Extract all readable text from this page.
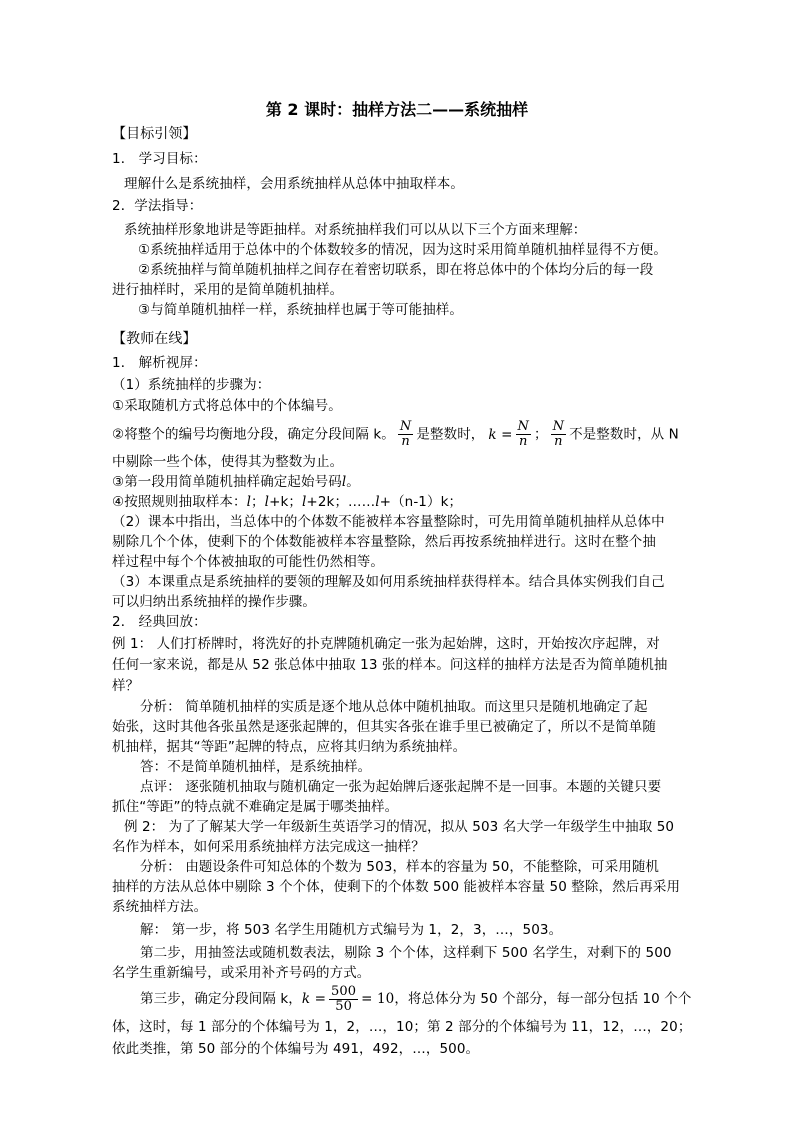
第 2 课时：抽样方法二——系统抽样
【目标引领】
1． 学习目标：
理解什么是系统抽样，会用系统抽样从总体中抽取样本。
2．学法指导：
系统抽样形象地讲是等距抽样。对系统抽样我们可以从以下三个方面来理解：
①系统抽样适用于总体中的个体数较多的情况，因为这时采用简单随机抽样显得不方便。
②系统抽样与简单随机抽样之间存在着密切联系，即在将总体中的个体均分后的每一段
进行抽样时，采用的是简单随机抽样。
③与简单随机抽样一样，系统抽样也属于等可能抽样。
【教师在线】
1． 解析视屏：
（1）系统抽样的步骤为：
①采取随机方式将总体中的个体编号。
②将整个的编号均衡地分段，确定分段间隔 k。 $\frac{N}{n}$ 是整数时， $k = \frac{N}{n}$ ； $\frac{N}{n}$ 不是整数时，从 N
中剔除一些个体，使得其为整数为止。
③第一段用简单随机抽样确定起始号码l。
④按照规则抽取样本：l；l+k；l+2k；……l+（n-1）k；
（2）课本中指出，当总体中的个体数不能被样本容量整除时，可先用简单随机抽样从总体中
剔除几个个体，使剩下的个体数能被样本容量整除，然后再按系统抽样进行。这时在整个抽
样过程中每个个体被抽取的可能性仍然相等。
（3）本课重点是系统抽样的要领的理解及如何用系统抽样获得样本。结合具体实例我们自己
可以归纳出系统抽样的操作步骤。
2． 经典回放：
例 1： 人们打桥牌时，将洗好的扑克牌随机确定一张为起始牌，这时，开始按次序起牌，对
任何一家来说，都是从 52 张总体中抽取 13 张的样本。问这样的抽样方法是否为简单随机抽
样？
分析： 简单随机抽样的实质是逐个地从总体中随机抽取。而这里只是随机地确定了起
始张，这时其他各张虽然是逐张起牌的，但其实各张在谁手里已被确定了，所以不是简单随
机抽样，据其“等距”起牌的特点，应将其归纳为系统抽样。
答：不是简单随机抽样，是系统抽样。
点评： 逐张随机抽取与随机确定一张为起始牌后逐张起牌不是一回事。本题的关键只要
抓住“等距”的特点就不难确定是属于哪类抽样。
例 2： 为了了解某大学一年级新生英语学习的情况，拟从 503 名大学一年级学生中抽取 50
名作为样本，如何采用系统抽样方法完成这一抽样？
分析： 由题设条件可知总体的个数为 503，样本的容量为 50，不能整除，可采用随机
抽样的方法从总体中剔除 3 个个体，使剩下的个体数 500 能被样本容量 50 整除，然后再采用
系统抽样方法。
解： 第一步，将 503 名学生用随机方式编号为 1，2，3，…，503。
第二步，用抽签法或随机数表法，剔除 3 个个体，这样剩下 500 名学生，对剩下的 500
名学生重新编号，或采用补齐号码的方式。
第三步，确定分段间隔 k，$k = \frac{500}{50} = 10$，将总体分为 50 个部分，每一部分包括 10 个个
体，这时，每 1 部分的个体编号为 1，2，…，10；第 2 部分的个体编号为 11，12，…，20；
依此类推，第 50 部分的个体编号为 491，492，…，500。
